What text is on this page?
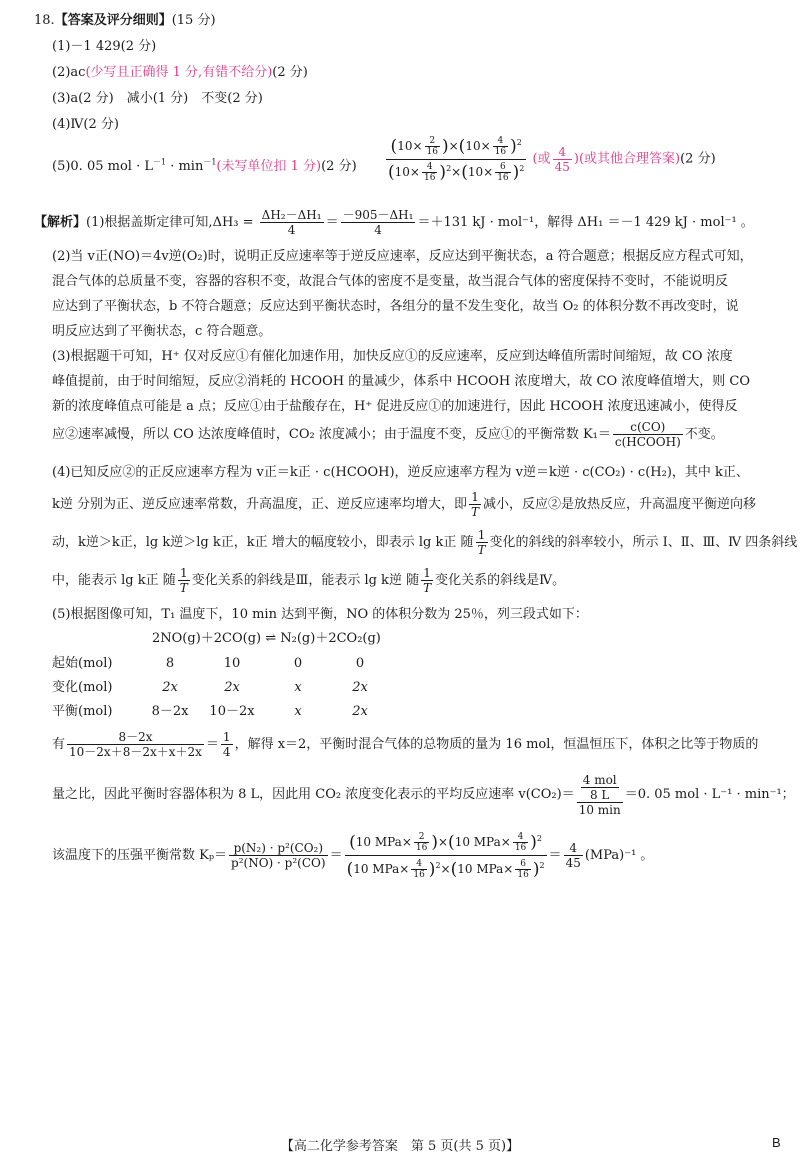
18.【答案及评分细则】(15 分)
(1)－1 429(2 分)
(2)ac(少写且正确得 1 分,有错不给分)(2 分)
(3)a(2 分)　减小(1 分)　不变(2 分)
(4)Ⅳ(2 分)
(5)0. 05 mol · $L^{-1} \cdot \min^{-1}$(未写单位扣 1 分)(2 分) $\frac{(10\times \frac{2}{16} )\times(10\times \frac{4}{16} )^2}{(10\times \frac{4}{16} )^2\times(10\times \frac{6}{16} )^2}$ (或 $\frac{4}{45}$ )(或其他合理答案)(2 分)
【解析】(1)根据盖斯定律可知$,\Delta H_3 = \frac{\text{ΔH₂－ΔH₁}}{4} = \frac{\text{－905－ΔH₁}}{4} =+131$ kJ · mol⁻¹，解得 ΔH₁ ＝－1 429 kJ · mol⁻¹ 。
(2)当 v正(NO)＝4v逆(O₂)时，说明正反应速率等于逆反应速率，反应达到平衡状态，a 符合题意；根据反应方程式可知，
混合气体的总质量不变，容器的容积不变，故混合气体的密度不是变量，故当混合气体的密度保持不变时，不能说明反
应达到了平衡状态，b 不符合题意；反应达到平衡状态时，各组分的量不发生变化，故当 O₂ 的体积分数不再改变时，说
明反应达到了平衡状态，c 符合题意。
(3)根据题干可知，H⁺ 仅对反应①有催化加速作用，加快反应①的反应速率，反应到达峰值所需时间缩短，故 CO 浓度
峰值提前，由于时间缩短，反应②消耗的 HCOOH 的量减少，体系中 HCOOH 浓度增大，故 CO 浓度峰值增大，则 CO
新的浓度峰值点可能是 a 点；反应①由于盐酸存在，H⁺ 促进反应①的加速进行，因此 HCOOH 浓度迅速减小，使得反
应②速率减慢，所以 CO 达浓度峰值时，CO₂ 浓度减小；由于温度不变，反应①的平衡常数 $K_1= \frac{c(CO)}{\text{c(HCOOH)}}$ 不变。
(4)已知反应②的正反应速率方程为 v正＝k正 · c(HCOOH)，逆反应速率方程为 v逆＝k逆 · c(CO₂) · c(H₂)，其中 k正、
k逆 分别为正、逆反应速率常数，升高温度，正、逆反应速率均增大，即 $\frac{1}{T}$ 减小，反应②是放热反应，升高温度平衡逆向移
动，k逆＞k正，lg k逆＞lg k正，k正 增大的幅度较小，即表示 lg k正 随 $\frac{1}{T}$ 变化的斜线的斜率较小，所示 Ⅰ、Ⅱ、Ⅲ、Ⅳ 四条斜线
中，能表示 lg k正 随 $\frac{1}{T}$ 变化关系的斜线是Ⅲ，能表示 lg k逆 随 $\frac{1}{T}$ 变化关系的斜线是Ⅳ。
(5)根据图像可知，T₁ 温度下，10 min 达到平衡，NO 的体积分数为 25％，列三段式如下：
2NO(g)＋2CO(g) ⇌ N₂(g)＋2CO₂(g)
起始(mol)	8	10	0	0
变化(mol)	2x	2x	x	2x
平衡(mol)	8－2x	10－2x	x	2x
有 $\frac{8-2x}{10-2x+8-2x+x+2x} = \frac{1}{4}$ ，解得 x＝2，平衡时混合气体的总物质的量为 16 mol，恒温恒压下，体积之比等于物质的
量之比，因此平衡时容器体积为 8 L，因此用 CO₂ 浓度变化表示的平均反应速率 $v(CO_2)= \frac{\frac{\text{4 mol}}{8 L}}{10 \min} =0$. 05 mol · L⁻¹ · min⁻¹；
该温度下的压强平衡常数 $K_p= \frac{\text{p(N₂) · p²(CO₂)}}{\text{p²(NO) · p²(CO)}} = \frac{(10 MPa\times \frac{2}{16} )\times(10 MPa\times \frac{4}{16} )^2}{(10 MPa\times \frac{4}{16} )^2\times(10 MPa\times \frac{6}{16} )^2} = \frac{4}{45} (MPa)^{-1}$ 。
【高二化学参考答案　第 5 页(共 5 页)】	B
